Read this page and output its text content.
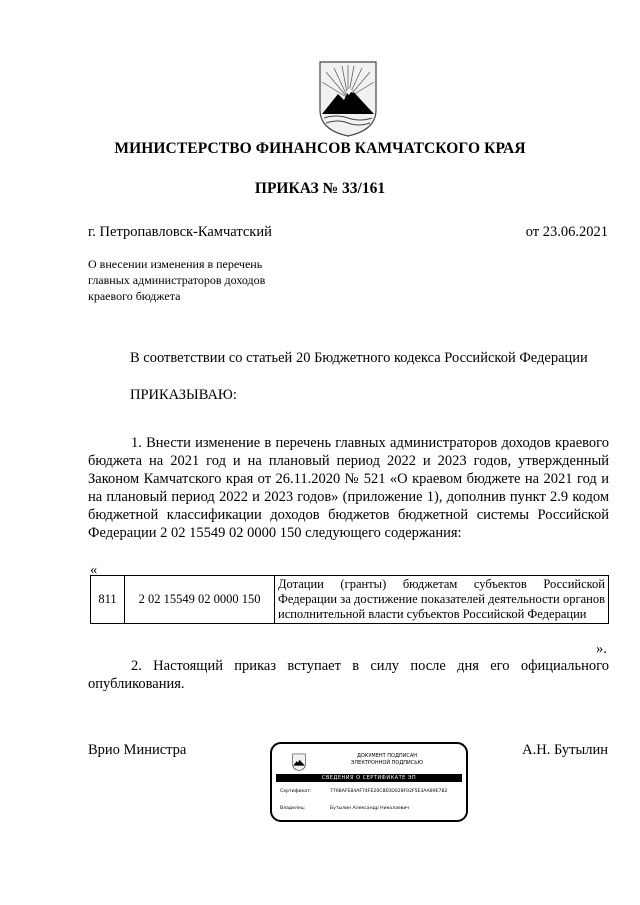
МИНИСТЕРСТВО ФИНАНСОВ КАМЧАТСКОГО КРАЯ
ПРИКАЗ № 33/161
г. Петропавловск-Камчатский	от 23.06.2021
О внесении изменения в перечень
главных администраторов доходов
краевого бюджета
В соответствии со статьей 20 Бюджетного кодекса Российской Федерации
ПРИКАЗЫВАЮ:

1. Внести изменение в перечень главных администраторов доходов краевого бюджета на 2021 год и на плановый период 2022 и 2023 годов, утвержденный Законом Камчатского края от 26.11.2020 № 521 «О краевом бюджете на 2021 год и на плановый период 2022 и 2023 годов» (приложение 1), дополнив пункт 2.9 кодом бюджетной классификации доходов бюджетов бюджетной системы Российской Федерации 2 02 15549 02 0000 150 следующего содержания:

«
811	2 02 15549 02 0000 150	Дотации (гранты) бюджетам субъектов Российской Федерации за достижение показателей деятельности органов исполнительной власти субъектов Российской Федерации
».

2. Настоящий приказ вступает в силу после дня его официального опубликования.

Врио Министра	А.Н. Бутылин
ДОКУМЕНТ ПОДПИСАН
ЭЛЕКТРОННОЙ ПОДПИСЬЮ
СВЕДЕНИЯ О СЕРТИФИКАТЕ ЭП
Сертификат:	7768AFE84AF74FE20C8E0D028F02F5E3AA89E7B2
Владелец:	Бутылин Александр Николаевич
